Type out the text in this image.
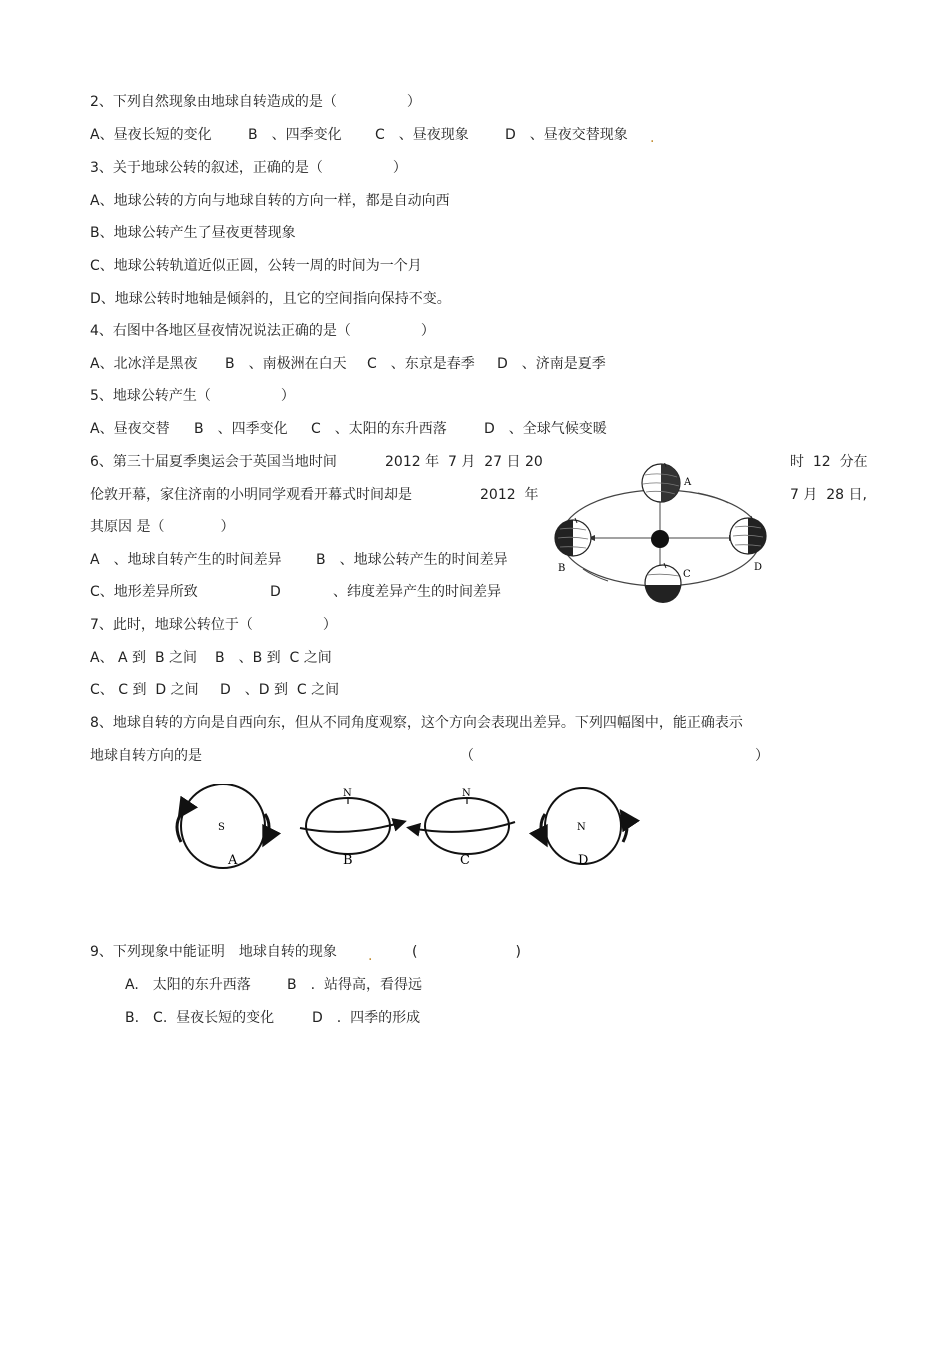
2、下列自然现象由地球自转造成的是（　　　　　）
A、昼夜长短的变化	B　、四季变化 C　、昼夜现象	D　、昼夜交替现象 .
3、关于地球公转的叙述，正确的是（　　　　　）
A、地球公转的方向与地球自转的方向一样，都是自动向西
B、地球公转产生了昼夜更替现象
C、地球公转轨道近似正圆，公转一周的时间为一个月
D、地球公转时地轴是倾斜的，且它的空间指向保持不变。
4、右图中各地区昼夜情况说法正确的是（　　　　　）
A、北冰洋是黑夜 B　、南极洲在白天 C　、东京是春季 D　、济南是夏季
5、地球公转产生（　　　　　）
A、昼夜交替 B　、四季变化 C　、太阳的东升西落	D　、全球气候变暖
6、第三十届夏季奥运会于英国当地时间	2012 年  7 月  27 日 20	时  12  分在
伦敦开幕，家住济南的小明同学观看开幕式时间却是	2012  年	7 月  28 日,
其原因 是（　　　　）
A　、地球自转产生的时间差异 B　、地球公转产生的时间差异
C、地形差异所致	D	、纬度差异产生的时间差异
A
B
C
D
7、此时，地球公转位于（　　　　　）
A、 A 到  B 之间 B　、B 到  C 之间
C、 C 到  D 之间 D　、D 到  C 之间
8、地球自转的方向是自西向东，但从不同角度观察，这个方向会表现出差异。下列四幅图中，能正确表示
地球自转方向的是	（	）
S
A
N
B
N
C
N
D
9、下列现象中能证明　地球自转的现象 .	(　　　　　　　)
A.　太阳的东升西落	B　.  站得高，看得远
B.　C.  昼夜长短的变化	D　.  四季的形成
